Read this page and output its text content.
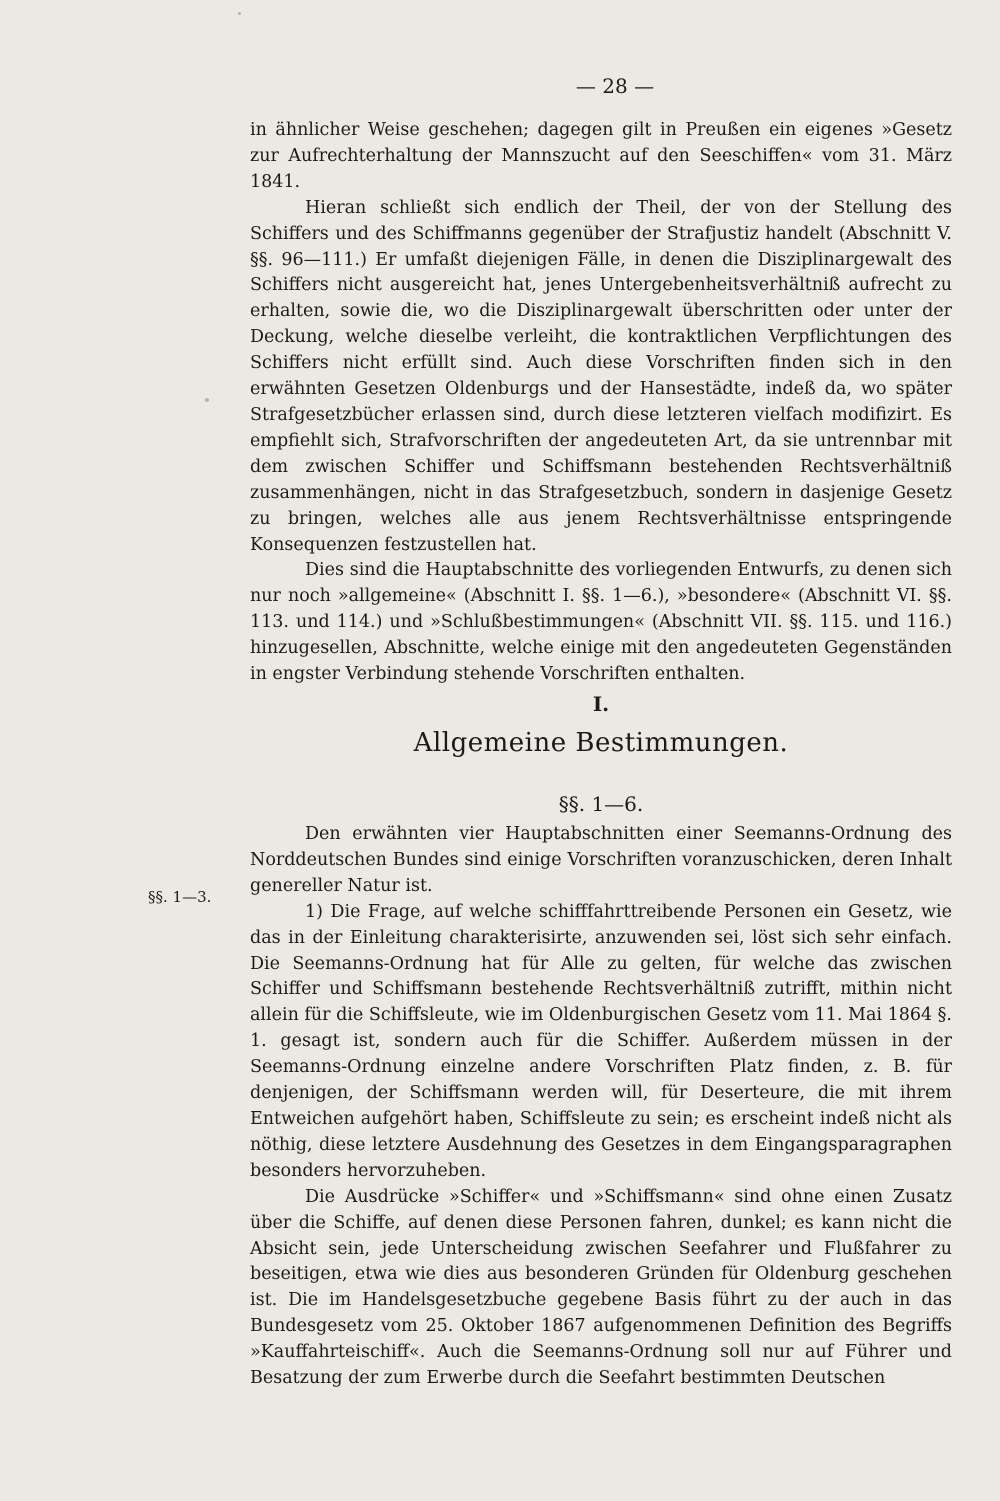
— 28 —

in ähnlicher Weise geschehen; dagegen gilt in Preußen ein eigenes »Gesetz zur Aufrechterhaltung der Mannszucht auf den Seeschiffen« vom 31. März 1841.

Hieran schließt sich endlich der Theil, der von der Stellung des Schiffers und des Schiffmanns gegenüber der Strafjustiz handelt (Abschnitt V. §§. 96—111.) Er umfaßt diejenigen Fälle, in denen die Disziplinargewalt des Schiffers nicht ausgereicht hat, jenes Untergebenheitsverhältniß aufrecht zu erhalten, sowie die, wo die Disziplinargewalt überschritten oder unter der Deckung, welche dieselbe verleiht, die kontraktlichen Verpflichtungen des Schiffers nicht erfüllt sind. Auch diese Vorschriften finden sich in den erwähnten Gesetzen Oldenburgs und der Hansestädte, indeß da, wo später Strafgesetzbücher erlassen sind, durch diese letzteren vielfach modifizirt. Es empfiehlt sich, Strafvorschriften der angedeuteten Art, da sie untrennbar mit dem zwischen Schiffer und Schiffsmann bestehenden Rechtsverhältniß zusammenhängen, nicht in das Strafgesetzbuch, sondern in dasjenige Gesetz zu bringen, welches alle aus jenem Rechtsverhältnisse entspringende Konsequenzen festzustellen hat.

Dies sind die Hauptabschnitte des vorliegenden Entwurfs, zu denen sich nur noch »allgemeine« (Abschnitt I. §§. 1—6.), »besondere« (Abschnitt VI. §§. 113. und 114.) und »Schlußbestimmungen« (Abschnitt VII. §§. 115. und 116.) hinzugesellen, Abschnitte, welche einige mit den angedeuteten Gegenständen in engster Verbindung stehende Vorschriften enthalten.

I.
Allgemeine Bestimmungen.
§§. 1—6.

Den erwähnten vier Hauptabschnitten einer Seemanns-Ordnung des Norddeutschen Bundes sind einige Vorschriften voranzuschicken, deren Inhalt genereller Natur ist.

1) Die Frage, auf welche schifffahrttreibende Personen ein Gesetz, wie das in der Einleitung charakterisirte, anzuwenden sei, löst sich sehr einfach. Die Seemanns-Ordnung hat für Alle zu gelten, für welche das zwischen Schiffer und Schiffsmann bestehende Rechtsverhältniß zutrifft, mithin nicht allein für die Schiffsleute, wie im Oldenburgischen Gesetz vom 11. Mai 1864 §. 1. gesagt ist, sondern auch für die Schiffer. Außerdem müssen in der Seemanns-Ordnung einzelne andere Vorschriften Platz finden, z. B. für denjenigen, der Schiffsmann werden will, für Deserteure, die mit ihrem Entweichen aufgehört haben, Schiffsleute zu sein; es erscheint indeß nicht als nöthig, diese letztere Ausdehnung des Gesetzes in dem Eingangsparagraphen besonders hervorzuheben.

Die Ausdrücke »Schiffer« und »Schiffsmann« sind ohne einen Zusatz über die Schiffe, auf denen diese Personen fahren, dunkel; es kann nicht die Absicht sein, jede Unterscheidung zwischen Seefahrer und Flußfahrer zu beseitigen, etwa wie dies aus besonderen Gründen für Oldenburg geschehen ist. Die im Handelsgesetzbuche gegebene Basis führt zu der auch in das Bundesgesetz vom 25. Oktober 1867 aufgenommenen Definition des Begriffs »Kauffahrteischiff«. Auch die Seemanns-Ordnung soll nur auf Führer und Besatzung der zum Erwerbe durch die Seefahrt bestimmten Deutschen

§§. 1—3.
